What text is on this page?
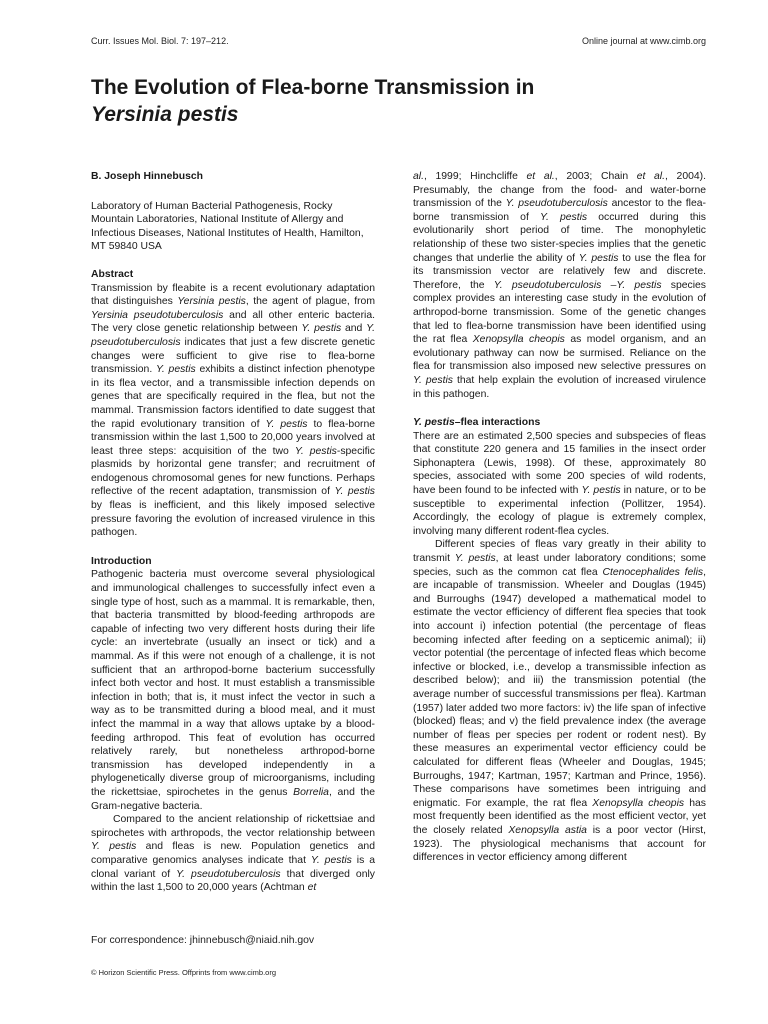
Curr. Issues Mol. Biol. 7: 197–212.	Online journal at www.cimb.org
The Evolution of Flea-borne Transmission in
Yersinia pestis

B. Joseph Hinnebusch

Laboratory of Human Bacterial Pathogenesis, Rocky Mountain Laboratories, National Institute of Allergy and Infectious Diseases, National Institutes of Health, Hamilton, MT 59840 USA

Abstract

Transmission by fleabite is a recent evolutionary adaptation that distinguishes Yersinia pestis, the agent of plague, from Yersinia pseudotuberculosis and all other enteric bacteria. The very close genetic relationship between Y. pestis and Y. pseudotuberculosis indicates that just a few discrete genetic changes were sufficient to give rise to flea-borne transmission. Y. pestis exhibits a distinct infection phenotype in its flea vector, and a transmissible infection depends on genes that are specifically required in the flea, but not the mammal. Transmission factors identified to date suggest that the rapid evolutionary transition of Y. pestis to flea-borne transmission within the last 1,500 to 20,000 years involved at least three steps: acquisition of the two Y. pestis-specific plasmids by horizontal gene transfer; and recruitment of endogenous chromosomal genes for new functions. Perhaps reflective of the recent adaptation, transmission of Y. pestis by fleas is inefficient, and this likely imposed selective pressure favoring the evolution of increased virulence in this pathogen.

Introduction

Pathogenic bacteria must overcome several physiological and immunological challenges to successfully infect even a single type of host, such as a mammal. It is remarkable, then, that bacteria transmitted by blood-feeding arthropods are capable of infecting two very different hosts during their life cycle: an invertebrate (usually an insect or tick) and a mammal. As if this were not enough of a challenge, it is not sufficient that an arthropod-borne bacterium successfully infect both vector and host. It must establish a transmissible infection in both; that is, it must infect the vector in such a way as to be transmitted during a blood meal, and it must infect the mammal in a way that allows uptake by a blood-feeding arthropod. This feat of evolution has occurred relatively rarely, but nonetheless arthropod-borne transmission has developed independently in a phylogenetically diverse group of microorganisms, including the rickettsiae, spirochetes in the genus Borrelia, and the Gram-negative bacteria.

Compared to the ancient relationship of rickettsiae and spirochetes with arthropods, the vector relationship between Y. pestis and fleas is new. Population genetics and comparative genomics analyses indicate that Y. pestis is a clonal variant of Y. pseudotuberculosis that diverged only within the last 1,500 to 20,000 years (Achtman et

al., 1999; Hinchcliffe et al., 2003; Chain et al., 2004). Presumably, the change from the food- and water-borne transmission of the Y. pseudotuberculosis ancestor to the flea-borne transmission of Y. pestis occurred during this evolutionarily short period of time. The monophyletic relationship of these two sister-species implies that the genetic changes that underlie the ability of Y. pestis to use the flea for its transmission vector are relatively few and discrete. Therefore, the Y. pseudotuberculosis –Y. pestis species complex provides an interesting case study in the evolution of arthropod-borne transmission. Some of the genetic changes that led to flea-borne transmission have been identified using the rat flea Xenopsylla cheopis as model organism, and an evolutionary pathway can now be surmised. Reliance on the flea for transmission also imposed new selective pressures on Y. pestis that help explain the evolution of increased virulence in this pathogen.

Y. pestis–flea interactions

There are an estimated 2,500 species and subspecies of fleas that constitute 220 genera and 15 families in the insect order Siphonaptera (Lewis, 1998). Of these, approximately 80 species, associated with some 200 species of wild rodents, have been found to be infected with Y. pestis in nature, or to be susceptible to experimental infection (Pollitzer, 1954). Accordingly, the ecology of plague is extremely complex, involving many different rodent-flea cycles.

Different species of fleas vary greatly in their ability to transmit Y. pestis, at least under laboratory conditions; some species, such as the common cat flea Ctenocephalides felis, are incapable of transmission. Wheeler and Douglas (1945) and Burroughs (1947) developed a mathematical model to estimate the vector efficiency of different flea species that took into account i) infection potential (the percentage of fleas becoming infected after feeding on a septicemic animal); ii) vector potential (the percentage of infected fleas which become infective or blocked, i.e., develop a transmissible infection as described below); and iii) the transmission potential (the average number of successful transmissions per flea). Kartman (1957) later added two more factors: iv) the life span of infective (blocked) fleas; and v) the field prevalence index (the average number of fleas per species per rodent or rodent nest). By these measures an experimental vector efficiency could be calculated for different fleas (Wheeler and Douglas, 1945; Burroughs, 1947; Kartman, 1957; Kartman and Prince, 1956). These comparisons have sometimes been intriguing and enigmatic. For example, the rat flea Xenopsylla cheopis has most frequently been identified as the most efficient vector, yet the closely related Xenopsylla astia is a poor vector (Hirst, 1923). The physiological mechanisms that account for differences in vector efficiency among different

For correspondence: jhinnebusch@niaid.nih.gov
© Horizon Scientific Press. Offprints from www.cimb.org
